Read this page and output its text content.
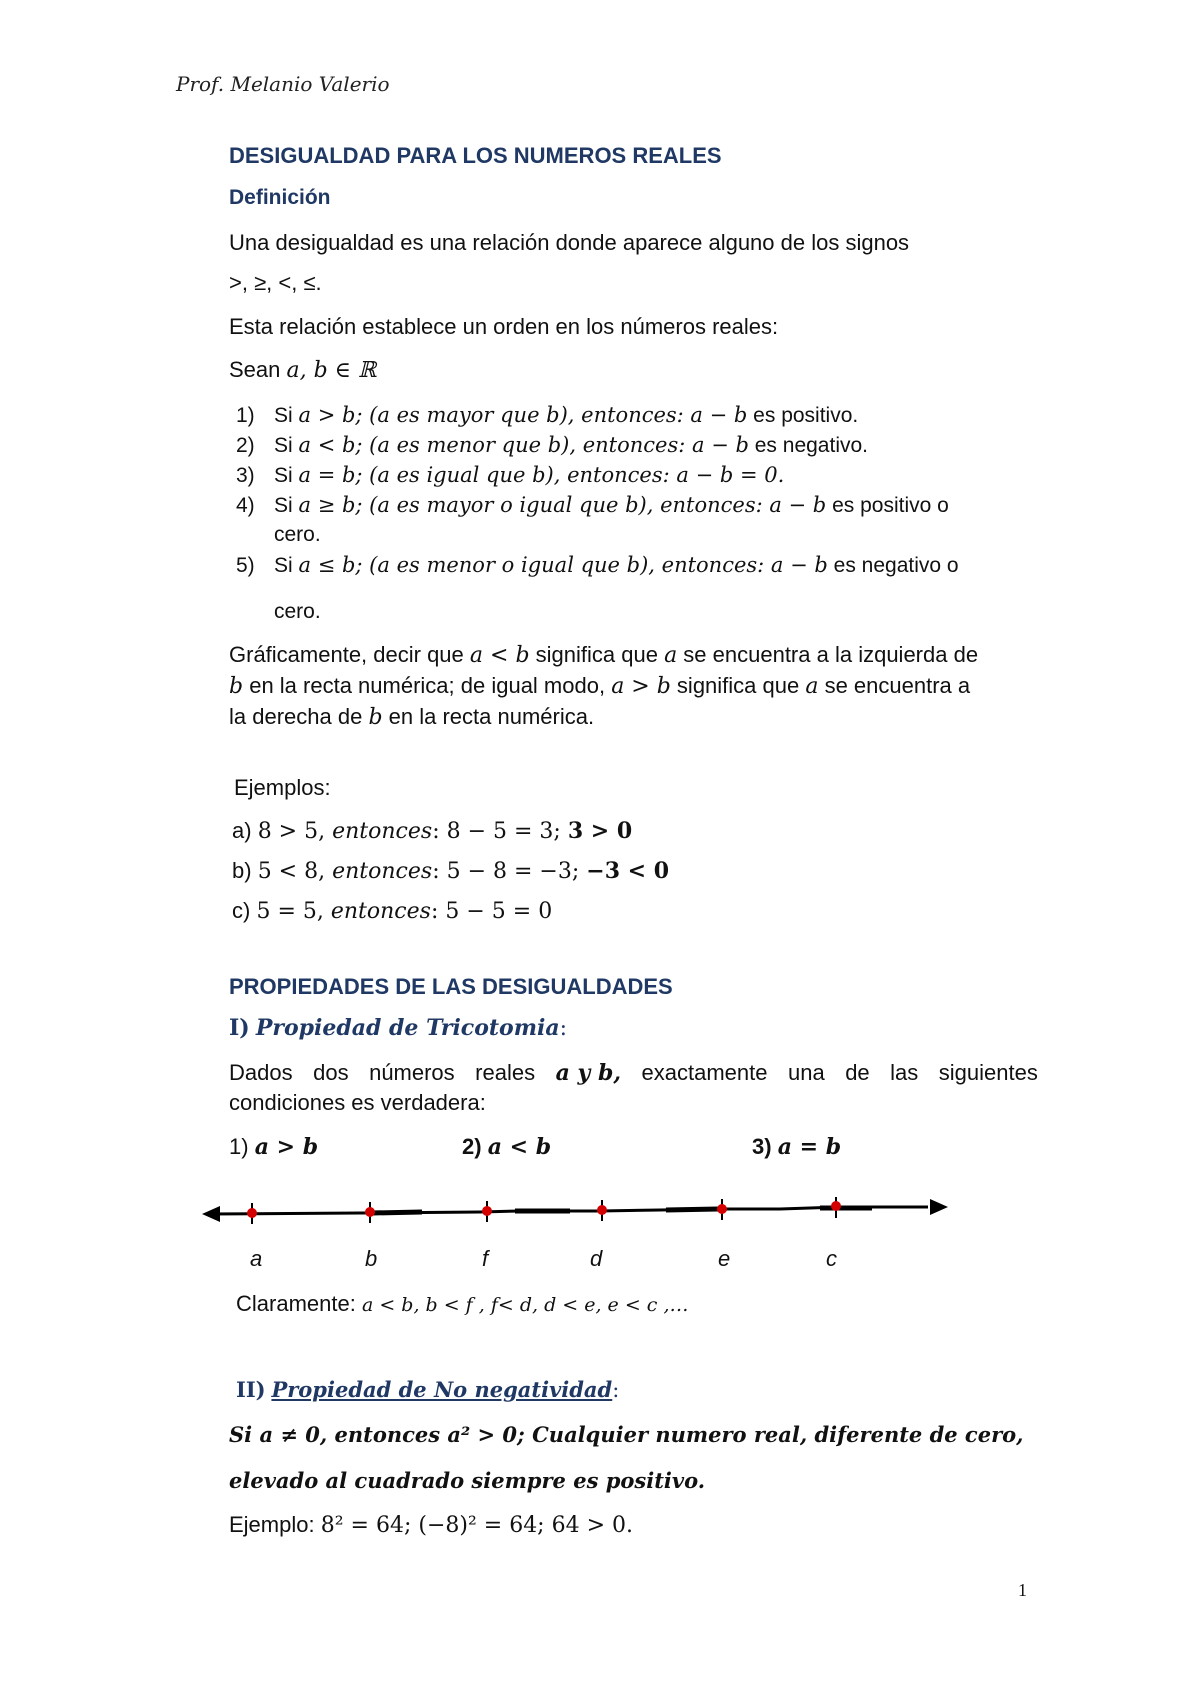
Prof. Melanio Valerio
DESIGUALDAD PARA LOS NUMEROS REALES
Definición
Una desigualdad es una relación donde aparece alguno de los signos
>, ≥, <, ≤.
Esta relación establece un orden en los números reales:
Sean a, b ∈ ℝ
1) Si a > b; (a es mayor que b), entonces: a − b es positivo.
2) Si a < b; (a es menor que b), entonces: a − b es negativo.
3) Si a = b; (a es igual que b), entonces: a − b = 0.
4) Si a ≥ b; (a es mayor o igual que b), entonces: a − b es positivo o
cero.
5) Si a ≤ b; (a es menor o igual que b), entonces: a − b es negativo o
cero.
Gráficamente, decir que a < b significa que a se encuentra a la izquierda de
b en la recta numérica; de igual modo, a > b significa que a se encuentra a
la derecha de b en la recta numérica.
Ejemplos:
a) 8 > 5, entonces: 8 − 5 = 3; 3 > 0
b) 5 < 8, entonces: 5 − 8 = −3; −3 < 0
c) 5 = 5, entonces: 5 − 5 = 0
PROPIEDADES DE LAS DESIGUALDADES
I) Propiedad de Tricotomia:
Dados dos números reales a y b, exactamente una de las siguientes
condiciones es verdadera:
1) a > b	2) a < b	3) a = b
a	b	f	d	e	c
Claramente: a < b, b < f , f< d, d < e, e < c ,…
II) Propiedad de No negatividad:
Si a ≠ 0, entonces a² > 0; Cualquier numero real, diferente de cero,
elevado al cuadrado siempre es positivo.
Ejemplo: 8² = 64; (−8)² = 64; 64 > 0.
1
